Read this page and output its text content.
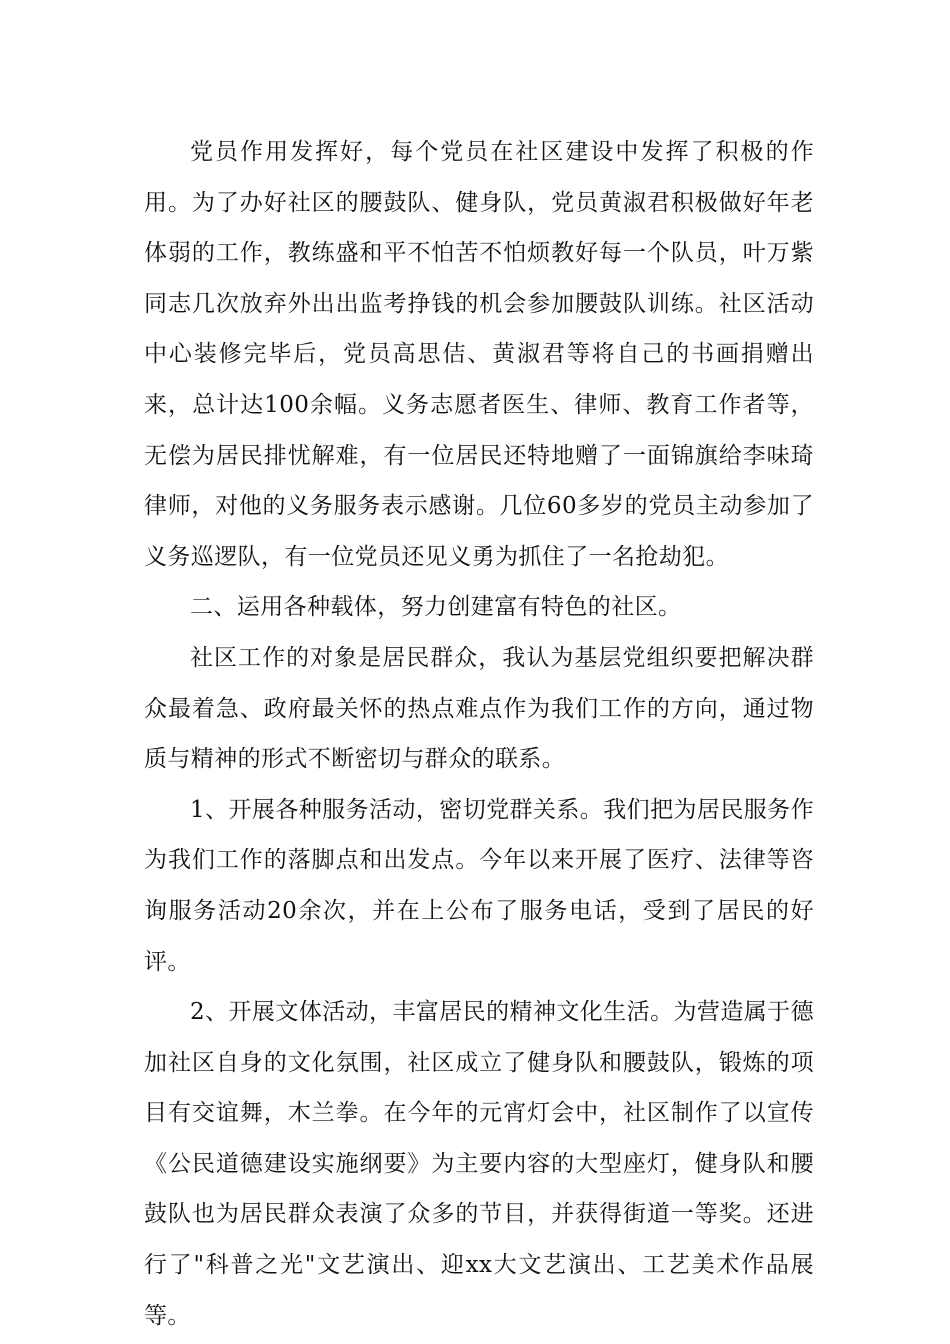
党员作用发挥好，每个党员在社区建设中发挥了积极的作用。为了办好社区的腰鼓队、健身队，党员黄淑君积极做好年老体弱的工作，教练盛和平不怕苦不怕烦教好每一个队员，叶万紫同志几次放弃外出出监考挣钱的机会参加腰鼓队训练。社区活动中心装修完毕后，党员高思佶、黄淑君等将自己的书画捐赠出来，总计达100余幅。义务志愿者医生、律师、教育工作者等，无偿为居民排忧解难，有一位居民还特地赠了一面锦旗给李味琦律师，对他的义务服务表示感谢。几位60多岁的党员主动参加了义务巡逻队，有一位党员还见义勇为抓住了一名抢劫犯。

二、运用各种载体，努力创建富有特色的社区。

社区工作的对象是居民群众，我认为基层党组织要把解决群众最着急、政府最关怀的热点难点作为我们工作的方向，通过物质与精神的形式不断密切与群众的联系。

1、开展各种服务活动，密切党群关系。我们把为居民服务作为我们工作的落脚点和出发点。今年以来开展了医疗、法律等咨询服务活动20余次，并在上公布了服务电话，受到了居民的好评。

2、开展文体活动，丰富居民的精神文化生活。为营造属于德加社区自身的文化氛围，社区成立了健身队和腰鼓队，锻炼的项目有交谊舞，木兰拳。在今年的元宵灯会中，社区制作了以宣传《公民道德建设实施纲要》为主要内容的大型座灯，健身队和腰鼓队也为居民群众表演了众多的节目，并获得街道一等奖。还进行了"科普之光"文艺演出、迎xx大文艺演出、工艺美术作品展等。
